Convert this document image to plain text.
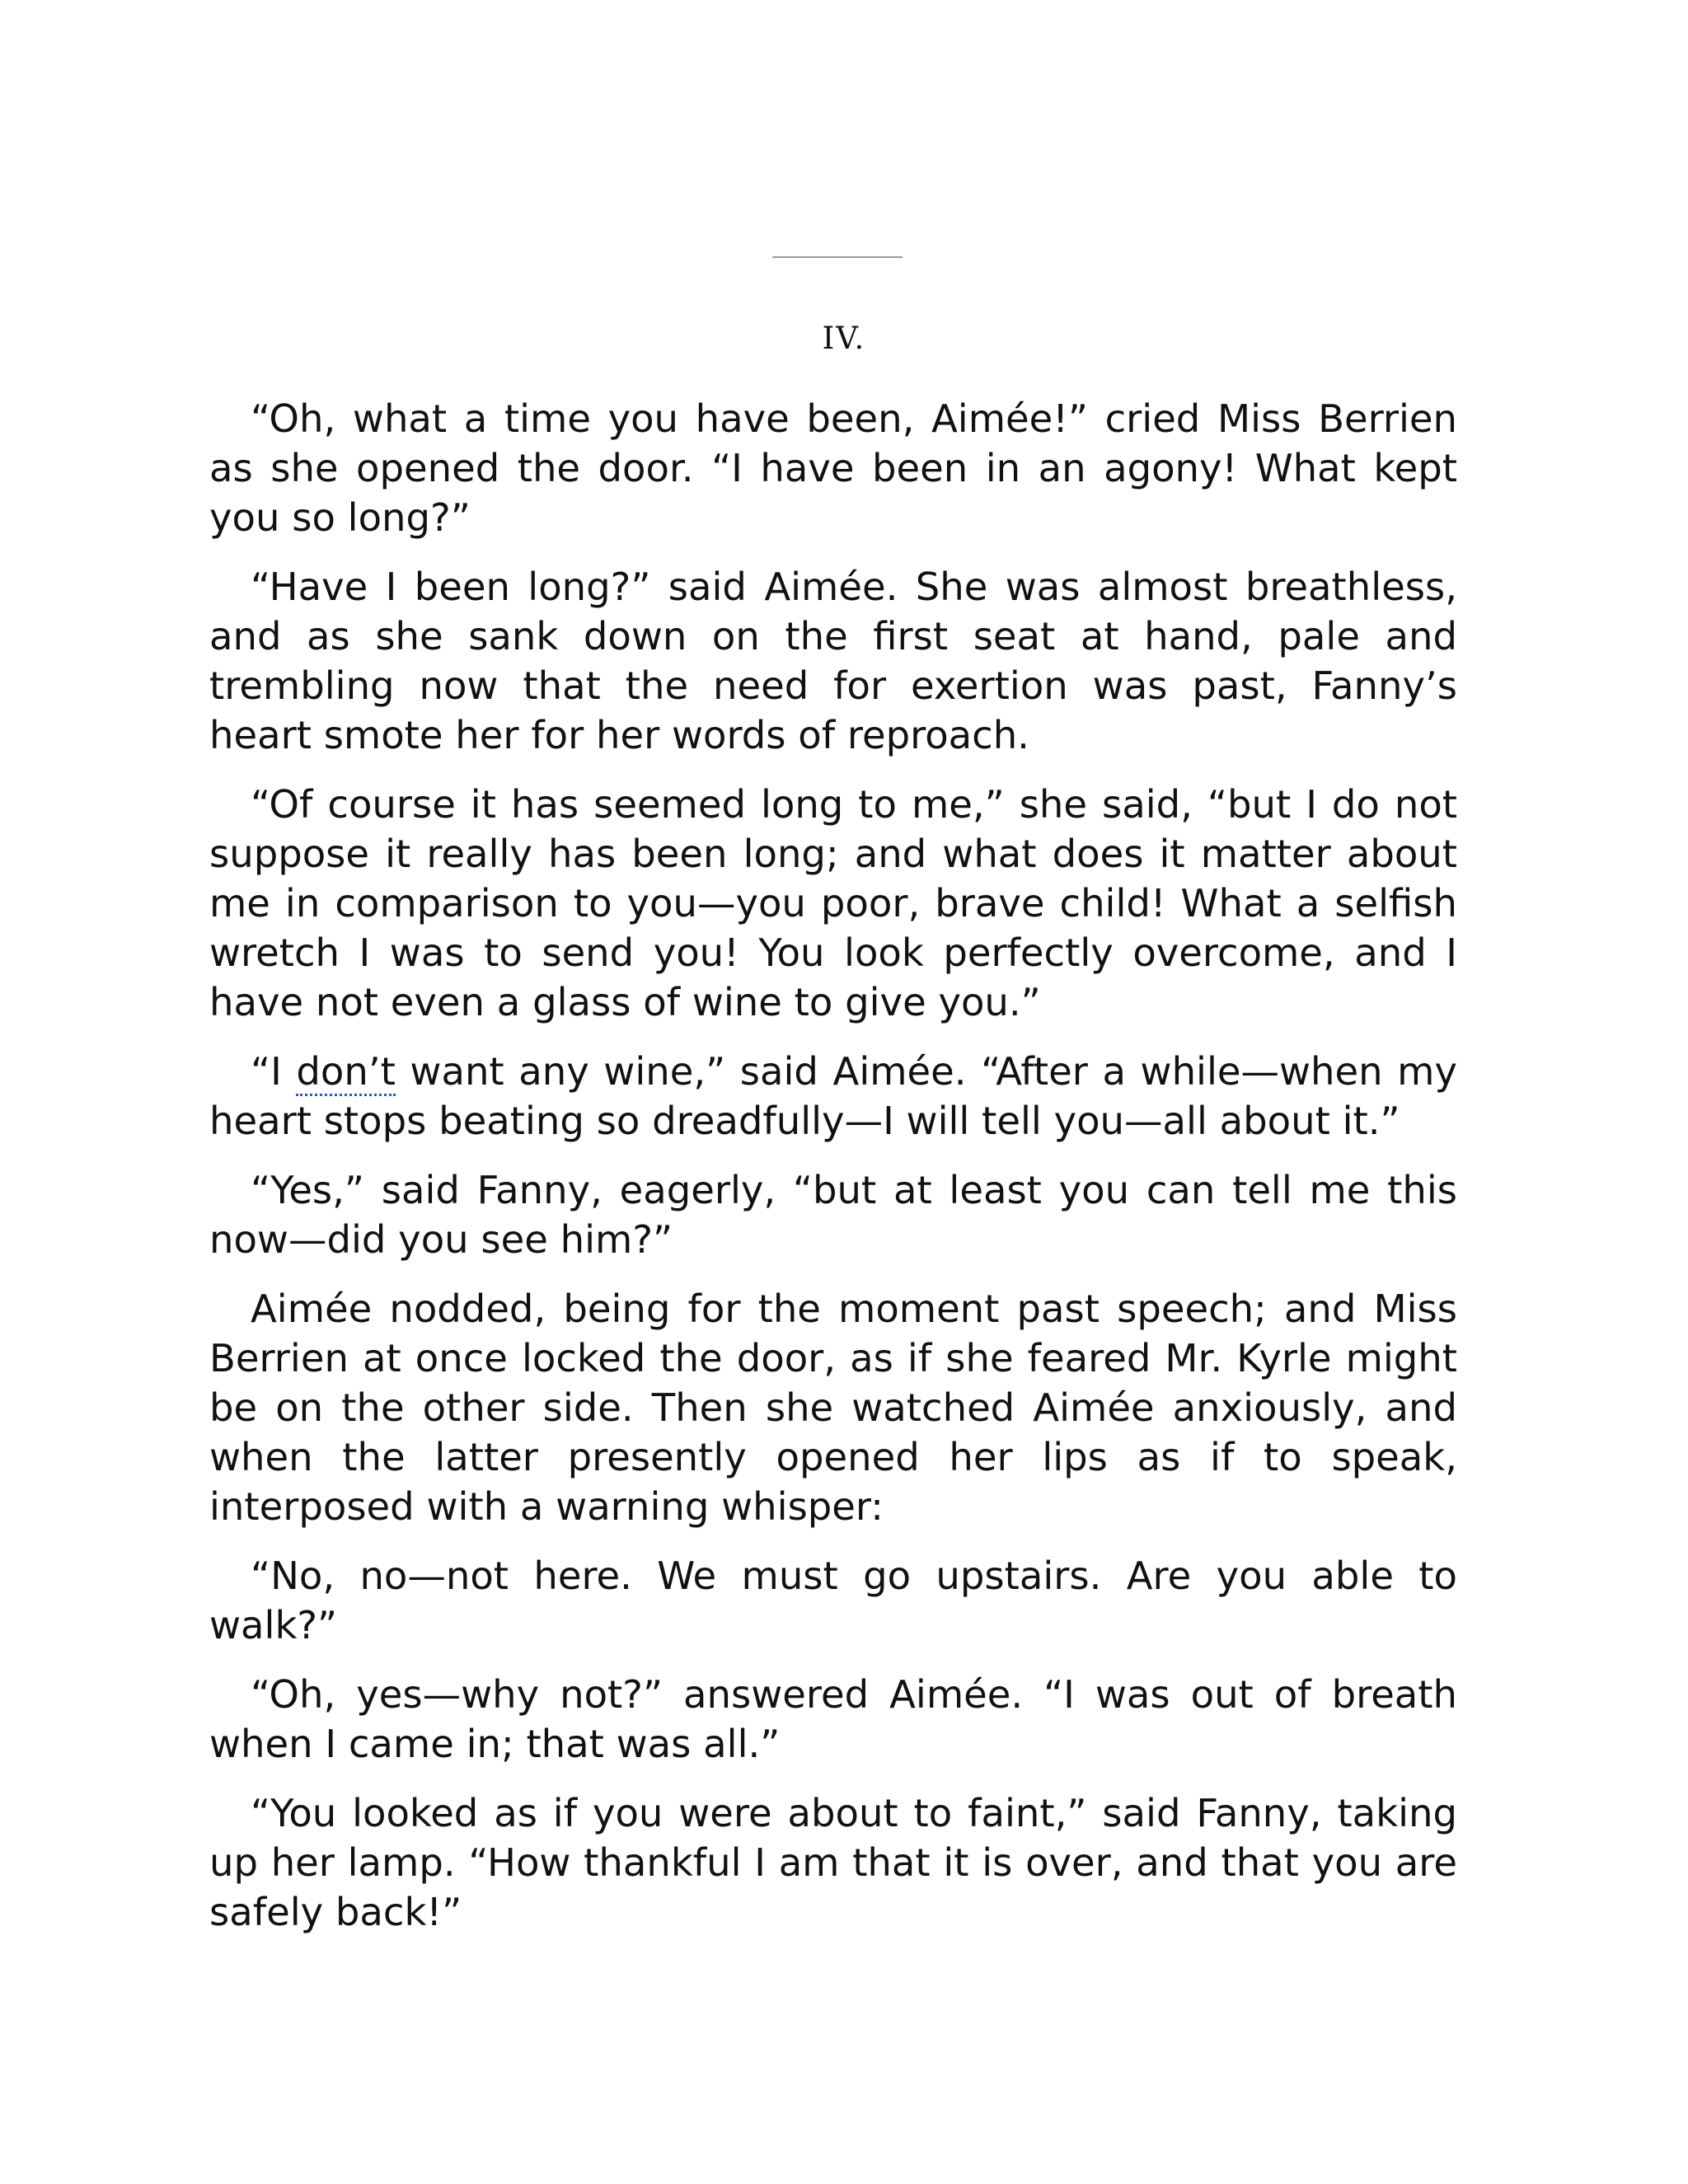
IV.

“Oh, what a time you have been, Aimée!” cried Miss Berrien as she opened the door. “I have been in an agony! What kept you so long?”

“Have I been long?” said Aimée. She was almost breathless, and as she sank down on the first seat at hand, pale and trembling now that the need for exertion was past, Fanny’s heart smote her for her words of reproach.

“Of course it has seemed long to me,” she said, “but I do not suppose it really has been long; and what does it matter about me in comparison to you—you poor, brave child! What a selfish wretch I was to send you! You look perfectly overcome, and I have not even a glass of wine to give you.”

“I don’t want any wine,” said Aimée. “After a while—when my heart stops beating so dreadfully—I will tell you—all about it.”

“Yes,” said Fanny, eagerly, “but at least you can tell me this now—did you see him?”

Aimée nodded, being for the moment past speech; and Miss Berrien at once locked the door, as if she feared Mr. Kyrle might be on the other side. Then she watched Aimée anxiously, and when the latter presently opened her lips as if to speak, interposed with a warning whisper:

“No, no—not here. We must go upstairs. Are you able to walk?”

“Oh, yes—why not?” answered Aimée. “I was out of breath when I came in; that was all.”

“You looked as if you were about to faint,” said Fanny, taking up her lamp. “How thankful I am that it is over, and that you are safely back!”
